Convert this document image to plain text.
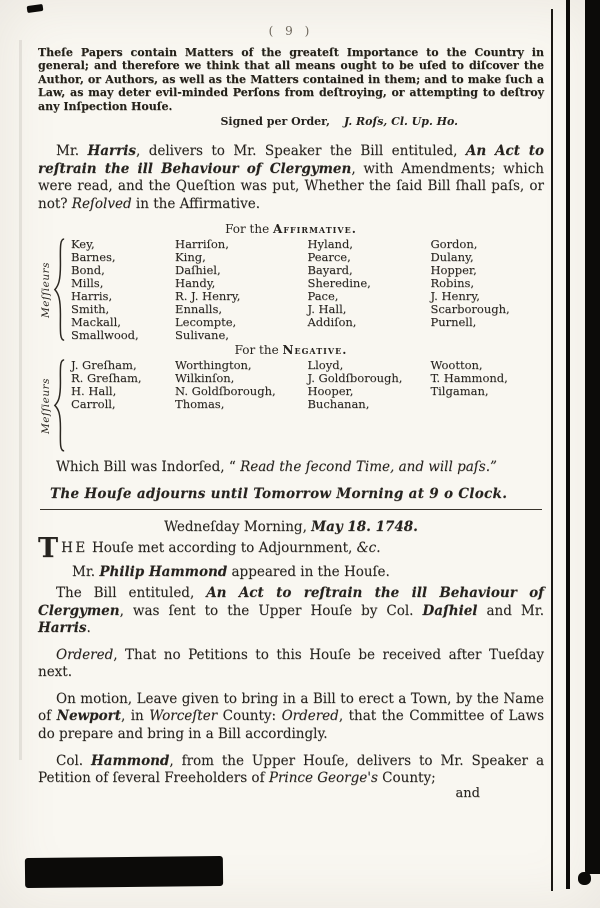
( 9 )

Theſe Papers contain Matters of the greateſt Importance to the Country in general; and therefore we think that all means ought to be uſed to diſcover the Author, or Authors, as well as the Matters contained in them; and to make ſuch a Law, as may deter evil-minded Perſons from deſtroying, or attempting to deſtroy any Inſpection Houſe.

Signed per Order, J. Roſs, Cl. Up. Ho.

Mr. Harris, delivers to Mr. Speaker the Bill entituled, An Act to reſtrain the ill Behaviour of Clergymen, with Amendments; which were read, and the Queſtion was put, Whether the ſaid Bill ſhall paſs, or not? Reſolved in the Affirmative.

For the Affirmative.
Meſſieurs
Key,
Barnes,
Bond,
Mills,
Harris,
Smith,
Mackall,
Smallwood,
Harriſon,
King,
Daſhiel,
Handy,
R. J. Henry,
Ennalls,
Lecompte,
Sulivane,
Hyland,
Pearce,
Bayard,
Sheredine,
Pace,
J. Hall,
Addiſon,
Gordon,
Dulany,
Hopper,
Robins,
J. Henry,
Scarborough,
Purnell,
For the Negative.
Meſſieurs
J. Greſham,
R. Greſham,
H. Hall,
Carroll,
Worthington,
Wilkinſon,
N. Goldſborough,
Thomas,
Lloyd,
J. Goldſborough,
Hooper,
Buchanan,
Wootton,
T. Hammond,
Tilgaman,

Which Bill was Indorſed, “ Read the ſecond Time, and will paſs.”

The Houſe adjourns until Tomorrow Morning at 9 o Clock.

Wedneſday Morning, May 18. 1748.

THE Houſe met according to Adjournment, &c.

Mr. Philip Hammond appeared in the Houſe.

The Bill entituled, An Act to reſtrain the ill Behaviour of Clergymen, was ſent to the Upper Houſe by Col. Daſhiel and Mr. Harris.

Ordered, That no Petitions to this Houſe be received after Tueſday next.

On motion, Leave given to bring in a Bill to erect a Town, by the Name of Newport, in Worceſter County: Ordered, that the Committee of Laws do prepare and bring in a Bill accordingly.

Col. Hammond, from the Upper Houſe, delivers to Mr. Speaker a Petition of ſeveral Freeholders of Prince George's County;

and
